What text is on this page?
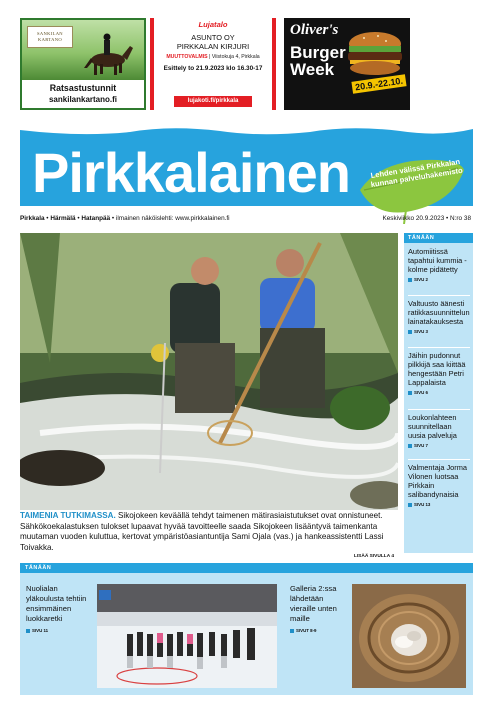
SANKILAN
KARTANO
Ratsastustunnit
sankilankartano.fi
Lujatalo
ASUNTO OY
PIRKKALAN KIRJURI
MUUTTOVALMIS | Viistokuja 4, Pirkkala
Esittely to 21.9.2023 klo 16.30-17
lujakoti.fi/pirkkala
Oliver's
Burger
Week
20.9.-22.10.
Pirkkalainen	Lehden välissä Pirkkalan kunnan palveluhakemisto
Pirkkala • Härmälä • Hatanpää • ilmainen näköislehti: www.pirkkalainen.fi	Keskiviikko 20.9.2023 • N:ro 38
TAIMENIA TUTKIMASSA. Sikojokeen keväällä tehdyt taimenen mätirasiaistutukset ovat onnistuneet. Sähkökoekalastuksen tulokset lupaavat hyvää tavoitteelle saada Sikojokeen lisääntyvä taimenkanta muutaman vuoden kuluttua, kertovat ympäristöasiantuntija Sami Ojala (vas.) ja hankeassistentti Lassi Toivakka.
LISÄÄ SIVULLA 4
TÄNÄÄN
Automiitissä tapahtui kummia - kolme pidätetty
SIVU 2
Valtuusto äänesti ratikkasuunnittelun lainatakauksesta
SIVU 3
Jäihin pudonnut pilkkijä saa kiittää hengestään Petri Lappalaista
SIVU 6
Loukonlahteen suunnitellaan uusia palveluja
SIVU 7
Valmentaja Jorma Vilonen luotsaa Pirkkain salibandynaisia
SIVU 13
TÄNÄÄN
Nuolialan yläkoulusta tehtiin ensimmäinen luokkaretki
SIVU 11
Galleria 2:ssa lähdetään vieraille unten maille
SIVUT 8-9
